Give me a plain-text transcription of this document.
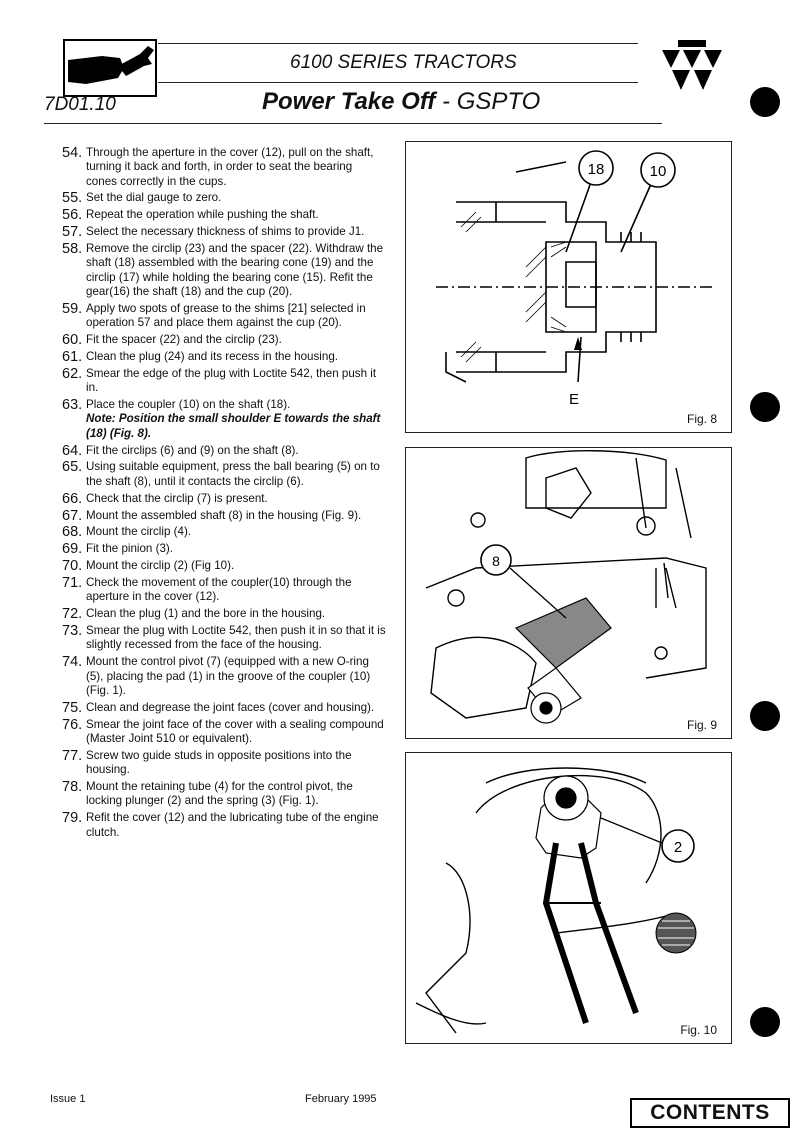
6100 SERIES TRACTORS
7D01.10	Power Take Off - GSPTO
54. Through the aperture in the cover (12), pull on the shaft, turning it back and forth, in order to seat the bearing cones correctly in the cups.
55. Set the dial gauge to zero.
56. Repeat the operation while pushing the shaft.
57. Select the necessary thickness of shims to provide J1.
58. Remove the circlip (23) and the spacer (22). Withdraw the shaft (18) assembled with the bearing cone (19) and the circlip (17) while holding the bearing cone (15). Refit the gear(16) the shaft (18) and the cup (20).
59. Apply two spots of grease to the shims [21] selected in operation 57 and place them against the cup (20).
60. Fit the spacer (22) and the circlip (23).
61. Clean the plug (24) and its recess in the housing.
62. Smear the edge of the plug with Loctite 542, then push it in.
63. Place the coupler (10) on the shaft (18).
Note: Position the small shoulder E towards the shaft (18) (Fig. 8).
64. Fit the circlips (6) and (9) on the shaft (8).
65. Using suitable equipment, press the ball bearing (5) on to the shaft (8), until it contacts the circlip (6).
66. Check that the circlip (7) is present.
67. Mount the assembled shaft (8) in the housing (Fig. 9).
68. Mount the circlip (4).
69. Fit the pinion (3).
70. Mount the circlip (2) (Fig 10).
71. Check the movement of the coupler(10) through the aperture in the cover (12).
72. Clean the plug (1) and the bore in the housing.
73. Smear the plug with Loctite 542, then push it in so that it is slightly recessed from the face of the housing.
74. Mount the control pivot (7) (equipped with a new O-ring (5), placing the pad (1) in the groove of the coupler (10) (Fig. 1).
75. Clean and degrease the joint faces (cover and housing).
76. Smear the joint face of the cover with a sealing compound (Master Joint 510 or equivalent).
77. Screw two guide studs in opposite positions into the housing.
78. Mount the retaining tube (4) for the control pivot, the locking plunger (2) and the spring (3) (Fig. 1).
79. Refit the cover (12) and the lubricating tube of the engine clutch.
18	10
E
Fig. 8
8
Fig. 9
2
Fig. 10
Issue 1	February 1995
CONTENTS
